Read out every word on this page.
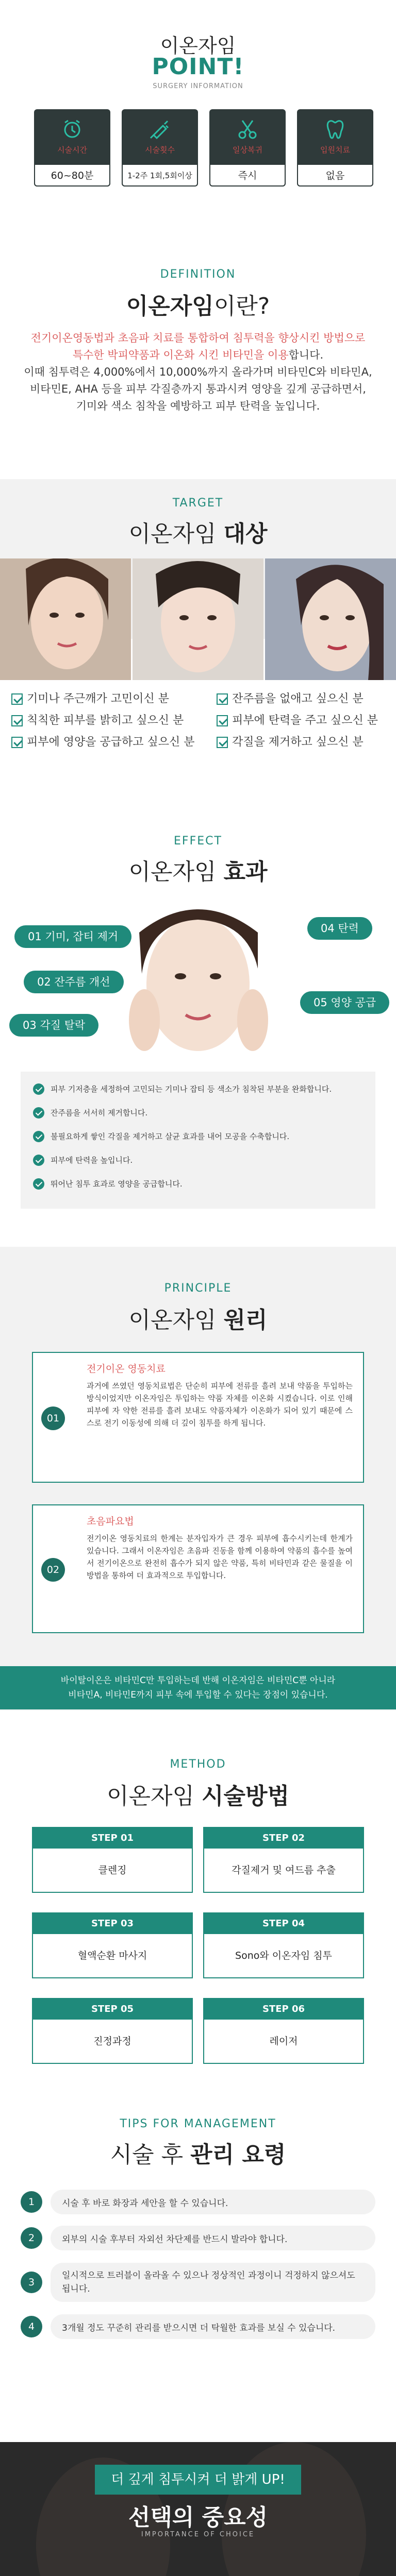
이온자임
POINT!
SURGERY INFORMATION
시술시간
60~80분
시술횟수
1-2주 1회,5회이상
일상복귀
즉시
입원치료
없음
DEFINITION
이온자임이란?
전기이온영동법과 초음파 치료를 통합하여 침투력을 향상시킨 방법으로
특수한 박피약품과 이온화 시킨 비타민을 이용합니다.
이때 침투력은 4,000%에서 10,000%까지 올라가며 비타민C와 비타민A,
비타민E, AHA 등을 피부 각질층까지 통과시켜 영양을 깊게 공급하면서,
기미와 색소 침착을 예방하고 피부 탄력을 높입니다.
TARGET
이온자임 대상
기미나 주근깨가 고민이신 분
칙칙한 피부를 밝히고 싶으신 분
피부에 영양을 공급하고 싶으신 분
잔주름을 없애고 싶으신 분
피부에 탄력을 주고 싶으신 분
각질을 제거하고 싶으신 분
EFFECT
이온자임 효과
01 기미, 잡티 제거
02 잔주름 개선
03 각질 탈락
04 탄력
05 영양 공급
피부 기저층을 세정하여 고민되는 기미나 잡티 등 색소가 침착된 부분을 완화합니다.
잔주름을 서서히 제거합니다.
불필요하게 쌓인 각질을 제거하고 살균 효과를 내어 모공을 수축합니다.
피부에 탄력을 높입니다.
뛰어난 침투 효과로 영양을 공급합니다.
PRINCIPLE
이온자임 원리
01
전기이온 영동치료
과거에 쓰였던 영동치료법은 단순히 피부에 전류를 흘려 보내 약품을 투입하는 방식이었지만 이온자임은 투입하는 약품 자체를 이온화 시켰습니다. 이로 인해 피부에 자 약한 전류를 흘려 보내도 약품자체가 이온화가 되어 있기 때문에 스스로 전기 이동성에 의해 더 깊이 침투를 하게 됩니다.
02
초음파요법
전기이온 영동치료의 한계는 분자입자가 큰 경우 피부에 흡수시키는데 한계가 있습니다. 그래서 이온자임은 초음파 진동을 함께 이용하여 약품의 흡수를 높여서 전기이온으로 완전히 흡수가 되지 않은 약품, 특히 비타민과 같은 물질을 이 방법을 통하여 더 효과적으로 투입합니다.
바이탈이온은 비타민C만 투입하는데 반해 이온자임은 비타민C뿐 아니라
비타민A, 비타민E까지 피부 속에 투입할 수 있다는 장점이 있습니다.
METHOD
이온자임 시술방법
STEP 01
클렌징
STEP 02
각질제거 및 여드름 추출
STEP 03
혈액순환 마사지
STEP 04
Sono와 이온자임 침투
STEP 05
진정과정
STEP 06
레이저
TIPS FOR MANAGEMENT
시술 후 관리 요령
1	시술 후 바로 화장과 세안을 할 수 있습니다.
2	외부의 시술 후부터 자외선 차단제를 반드시 발라야 합니다.
3
일시적으로 트러블이 올라올 수 있으나 정상적인 과정이니 걱정하지 않으셔도 됩니다.
4	3개월 정도 꾸준히 관리를 받으시면 더 탁월한 효과를 보실 수 있습니다.
더 깊게 침투시켜 더 밝게 UP!
선택의 중요성
IMPORTANCE OF CHOICE
